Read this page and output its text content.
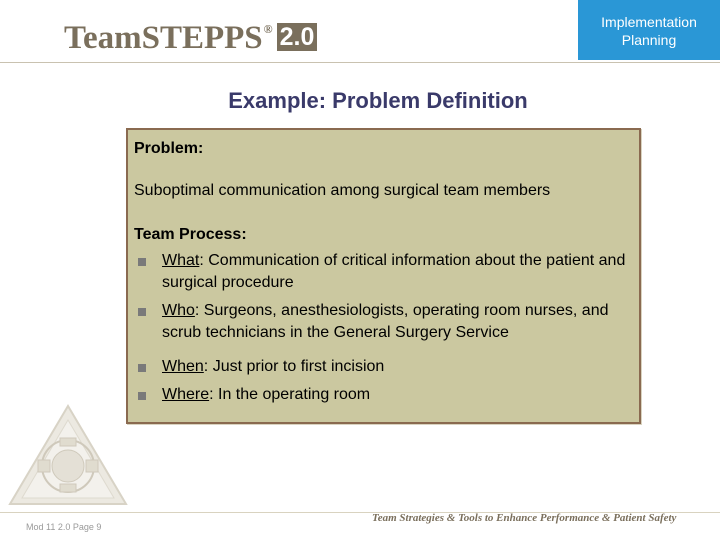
TeamSTEPPS ® 2.0
Implementation
Planning
Example: Problem Definition
Problem:
Suboptimal communication among surgical team members
Team Process:
What: Communication of critical information about the patient and surgical procedure
Who: Surgeons, anesthesiologists, operating room nurses, and scrub technicians in the General Surgery Service
When: Just prior to first incision
Where: In the operating room
Mod 11 2.0 Page 9
Team Strategies & Tools to Enhance Performance & Patient Safety
